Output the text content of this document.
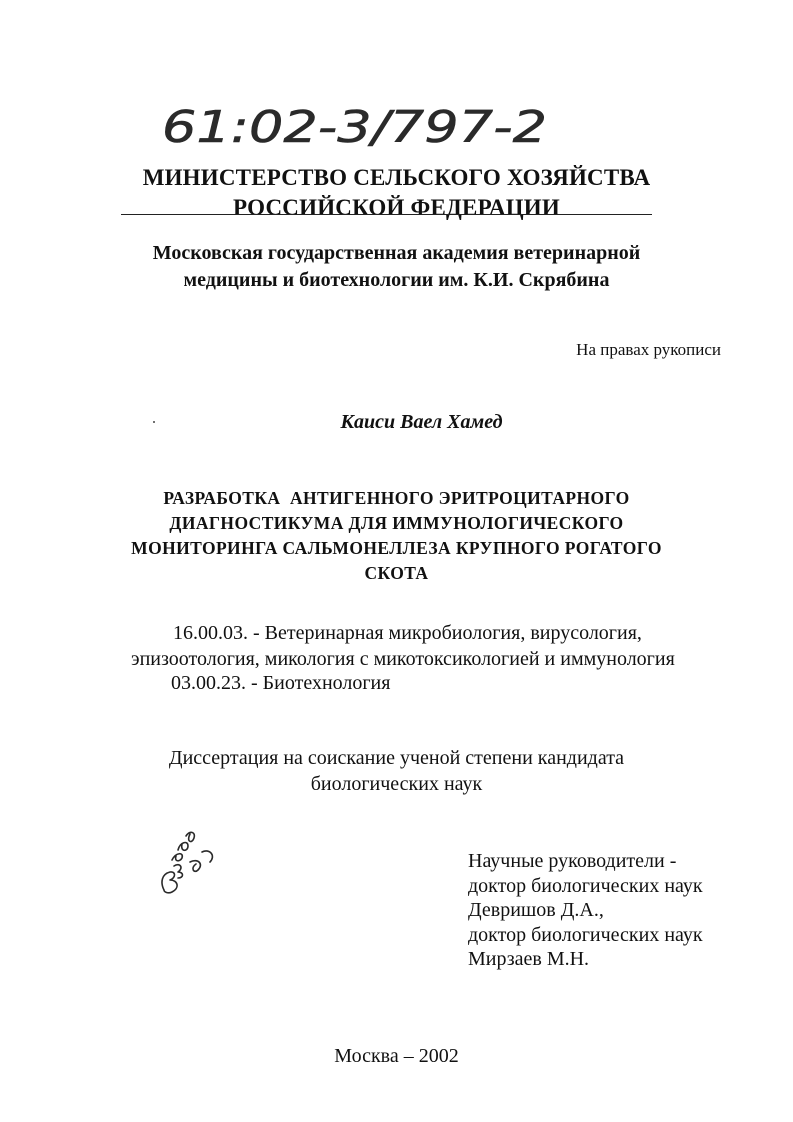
61:02-3/797-2
МИНИСТЕРСТВО СЕЛЬСКОГО ХОЗЯЙСТВА
РОССИЙСКОЙ ФЕДЕРАЦИИ
Московская государственная академия ветеринарной
медицины и биотехнологии им. К.И. Скрябина
На правах рукописи
Каиси Ваел Хамед
РАЗРАБОТКА  АНТИГЕННОГО ЭРИТРОЦИТАРНОГО
ДИАГНОСТИКУМА ДЛЯ ИММУНОЛОГИЧЕСКОГО
МОНИТОРИНГА САЛЬМОНЕЛЛЕЗА КРУПНОГО РОГАТОГО
СКОТА
16.00.03. - Ветеринарная микробиология, вирусология,
эпизоотология, микология с микотоксикологией и иммунология
03.00.23. - Биотехнология
Диссертация на соискание ученой степени кандидата
биологических наук
Научные руководители -
доктор биологических наук
Девришов Д.А.,
доктор биологических наук
Мирзаев М.Н.
Москва – 2002
